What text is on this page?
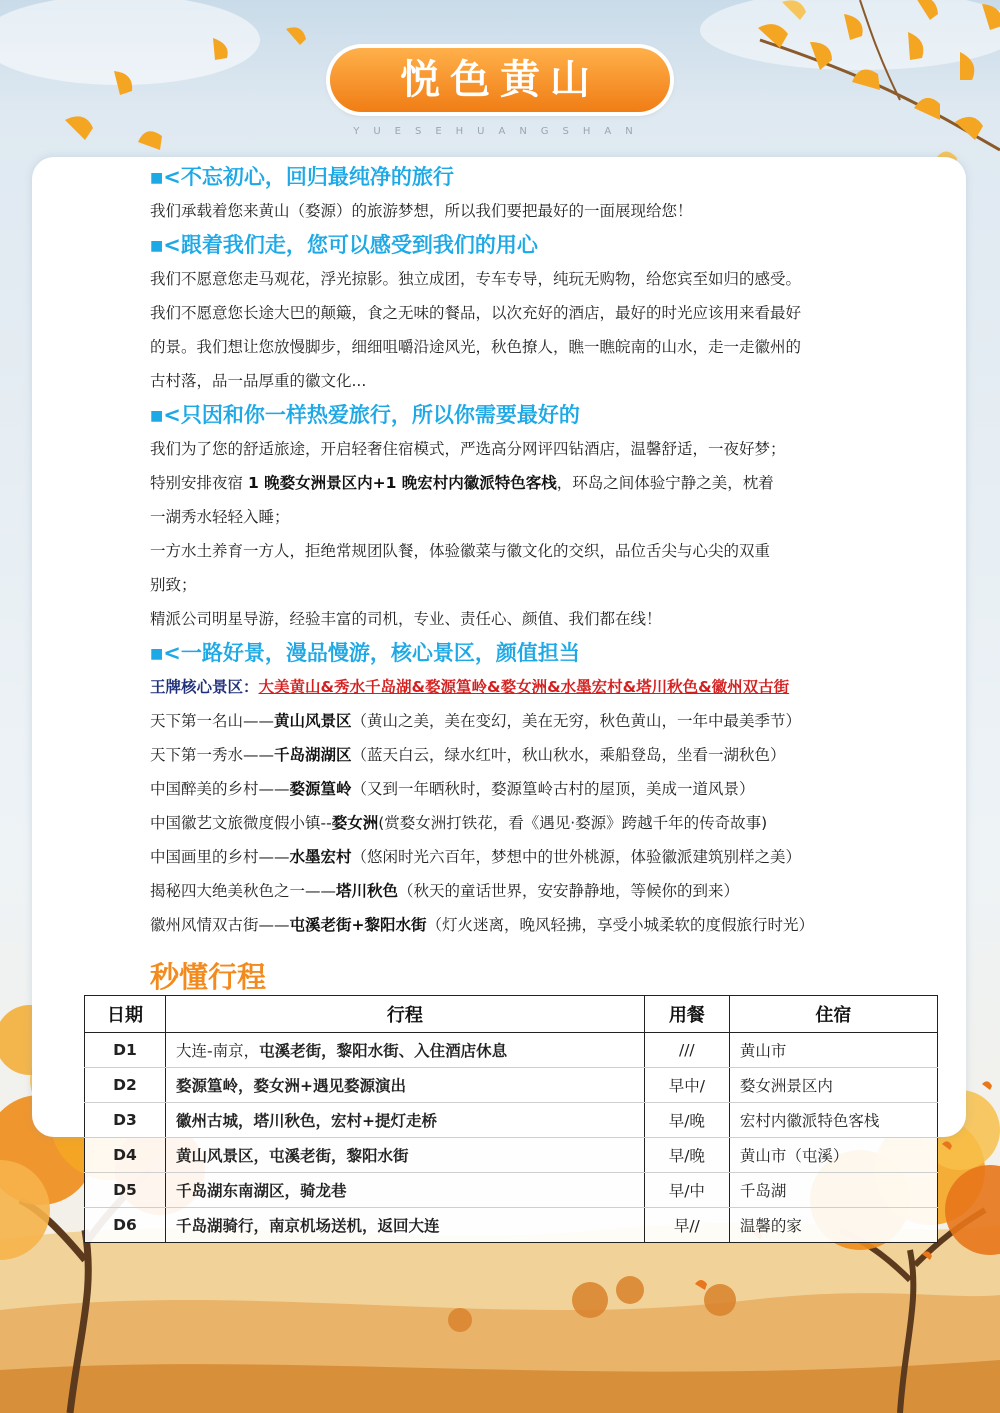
悦色黄山
YUESEHUANGSHAN

■<不忘初心，回归最纯净的旅行

我们承载着您来黄山（婺源）的旅游梦想，所以我们要把最好的一面展现给您！

■<跟着我们走，您可以感受到我们的用心

我们不愿意您走马观花，浮光掠影。独立成团，专车专导，纯玩无购物，给您宾至如归的感受。

我们不愿意您长途大巴的颠簸，食之无味的餐品，以次充好的酒店，最好的时光应该用来看最好

的景。我们想让您放慢脚步，细细咀嚼沿途风光，秋色撩人，瞧一瞧皖南的山水，走一走徽州的

古村落，品一品厚重的徽文化...

■<只因和你一样热爱旅行，所以你需要最好的

我们为了您的舒适旅途，开启轻奢住宿模式，严选高分网评四钻酒店，温馨舒适，一夜好梦；

特别安排夜宿 1 晚婺女洲景区内+1 晚宏村内徽派特色客栈，环岛之间体验宁静之美，枕着

一湖秀水轻轻入睡；

一方水土养育一方人，拒绝常规团队餐，体验徽菜与徽文化的交织，品位舌尖与心尖的双重

别致；

精派公司明星导游，经验丰富的司机，专业、责任心、颜值、我们都在线！

■<一路好景，漫品慢游，核心景区，颜值担当

王牌核心景区：大美黄山&秀水千岛湖&婺源篁岭&婺女洲&水墨宏村&塔川秋色&徽州双古街

天下第一名山——黄山风景区（黄山之美，美在变幻，美在无穷，秋色黄山，一年中最美季节）

天下第一秀水——千岛湖湖区（蓝天白云，绿水红叶，秋山秋水，乘船登岛，坐看一湖秋色）

中国醉美的乡村——婺源篁岭（又到一年晒秋时，婺源篁岭古村的屋顶，美成一道风景）

中国徽艺文旅微度假小镇--婺女洲(赏婺女洲打铁花，看《遇见·婺源》跨越千年的传奇故事)

中国画里的乡村——水墨宏村（悠闲时光六百年，梦想中的世外桃源，体验徽派建筑别样之美）

揭秘四大绝美秋色之一——塔川秋色（秋天的童话世界，安安静静地，等候你的到来）

徽州风情双古街——屯溪老街+黎阳水街（灯火迷离，晚风轻拂，享受小城柔软的度假旅行时光）

秒懂行程
日期	行程	用餐	住宿
D1	大连-南京，屯溪老街，黎阳水街、入住酒店休息	///	黄山市
D2	婺源篁岭，婺女洲+遇见婺源演出	早中/	婺女洲景区内
D3	徽州古城，塔川秋色，宏村+提灯走桥	早/晚	宏村内徽派特色客栈
D4	黄山风景区，屯溪老街，黎阳水街	早/晚	黄山市（屯溪）
D5	千岛湖东南湖区，骑龙巷	早/中	千岛湖
D6	千岛湖骑行，南京机场送机，返回大连	早//	温馨的家
